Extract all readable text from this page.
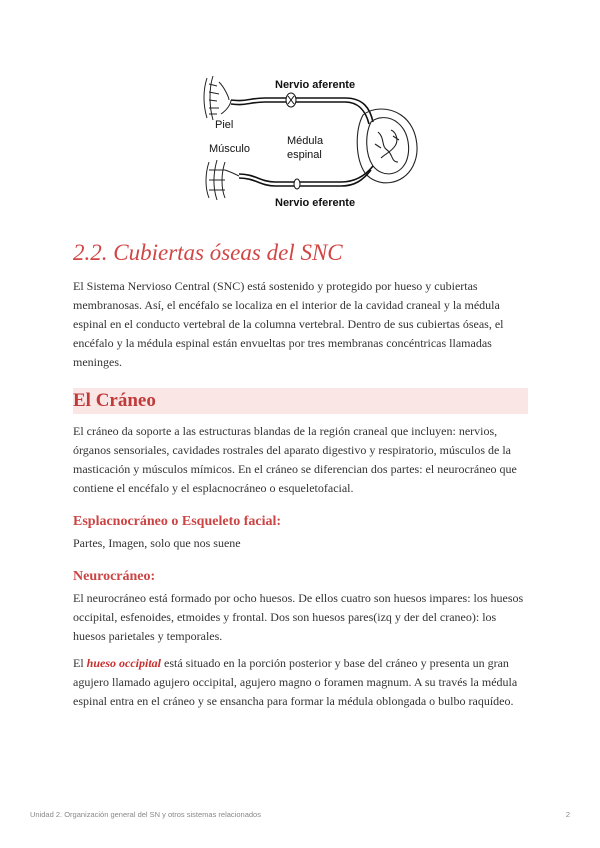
Nervio aferente
Piel
Músculo
Médula
espinal
Nervio eferente
2.2. Cubiertas óseas del SNC

El Sistema Nervioso Central (SNC) está sostenido y protegido por hueso y cubiertas membranosas. Así, el encéfalo se localiza en el interior de la cavidad craneal y la médula espinal en el conducto vertebral de la columna vertebral. Dentro de sus cubiertas óseas, el encéfalo y la médula espinal están envueltas por tres membranas concéntricas llamadas meninges.

El Cráneo

El cráneo da soporte a las estructuras blandas de la región craneal que incluyen: nervios, órganos sensoriales, cavidades rostrales del aparato digestivo y respiratorio, músculos de la masticación y músculos mímicos. En el cráneo se diferencian dos partes: el neurocráneo que contiene el encéfalo y el esplacnocráneo o esqueletofacial.

Esplacnocráneo o Esqueleto facial:

Partes, Imagen, solo que nos suene

Neurocráneo:

El neurocráneo está formado por ocho huesos. De ellos cuatro son huesos impares: los huesos occipital, esfenoides, etmoides y frontal. Dos son huesos pares(izq y der del craneo): los huesos parietales y temporales.

El hueso occipital está situado en la porción posterior y base del cráneo y presenta un gran agujero llamado agujero occipital, agujero magno o foramen magnum. A su través la médula espinal entra en el cráneo y se ensancha para formar la médula oblongada o bulbo raquídeo.

Unidad 2. Organización general del SN y otros sistemas relacionados	2
